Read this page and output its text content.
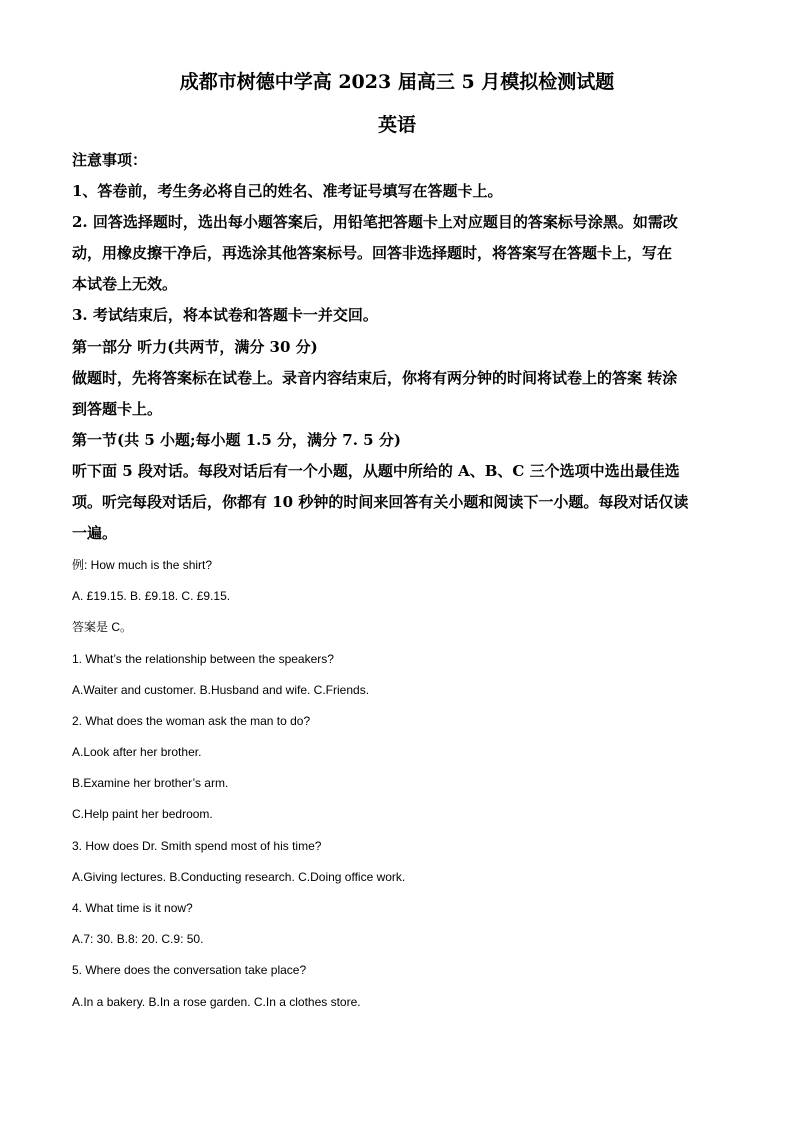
成都市树德中学高 2023 届高三 5 月模拟检测试题
英语
注意事项：
1、答卷前，考生务必将自己的姓名、准考证号填写在答题卡上。
2. 回答选择题时，选出每小题答案后，用铅笔把答题卡上对应题目的答案标号涂黑。如需改
动，用橡皮擦干净后，再选涂其他答案标号。回答非选择题时，将答案写在答题卡上，写在
本试卷上无效。
3. 考试结束后，将本试卷和答题卡一并交回。
第一部分 听力(共两节，满分 30 分)
做题时，先将答案标在试卷上。录音内容结束后，你将有两分钟的时间将试卷上的答案 转涂
到答题卡上。
第一节(共 5 小题;每小题 1.5 分，满分 7. 5 分)
听下面 5 段对话。每段对话后有一个小题，从题中所给的 A、B、C 三个选项中选出最佳选
项。听完每段对话后，你都有 10 秒钟的时间来回答有关小题和阅读下一小题。每段对话仅读
一遍。
例: How much is the shirt?
A. £19.15. B. £9.18. C. £9.15.
答案是 C。
1. What’s the relationship between the speakers?
A.Waiter and customer. B.Husband and wife. C.Friends.
2. What does the woman ask the man to do?
A.Look after her brother.
B.Examine her brother’s arm.
C.Help paint her bedroom.
3. How does Dr. Smith spend most of his time?
A.Giving lectures. B.Conducting research. C.Doing office work.
4. What time is it now?
A.7: 30. B.8: 20. C.9: 50.
5. Where does the conversation take place?
A.In a bakery. B.In a rose garden. C.In a clothes store.
